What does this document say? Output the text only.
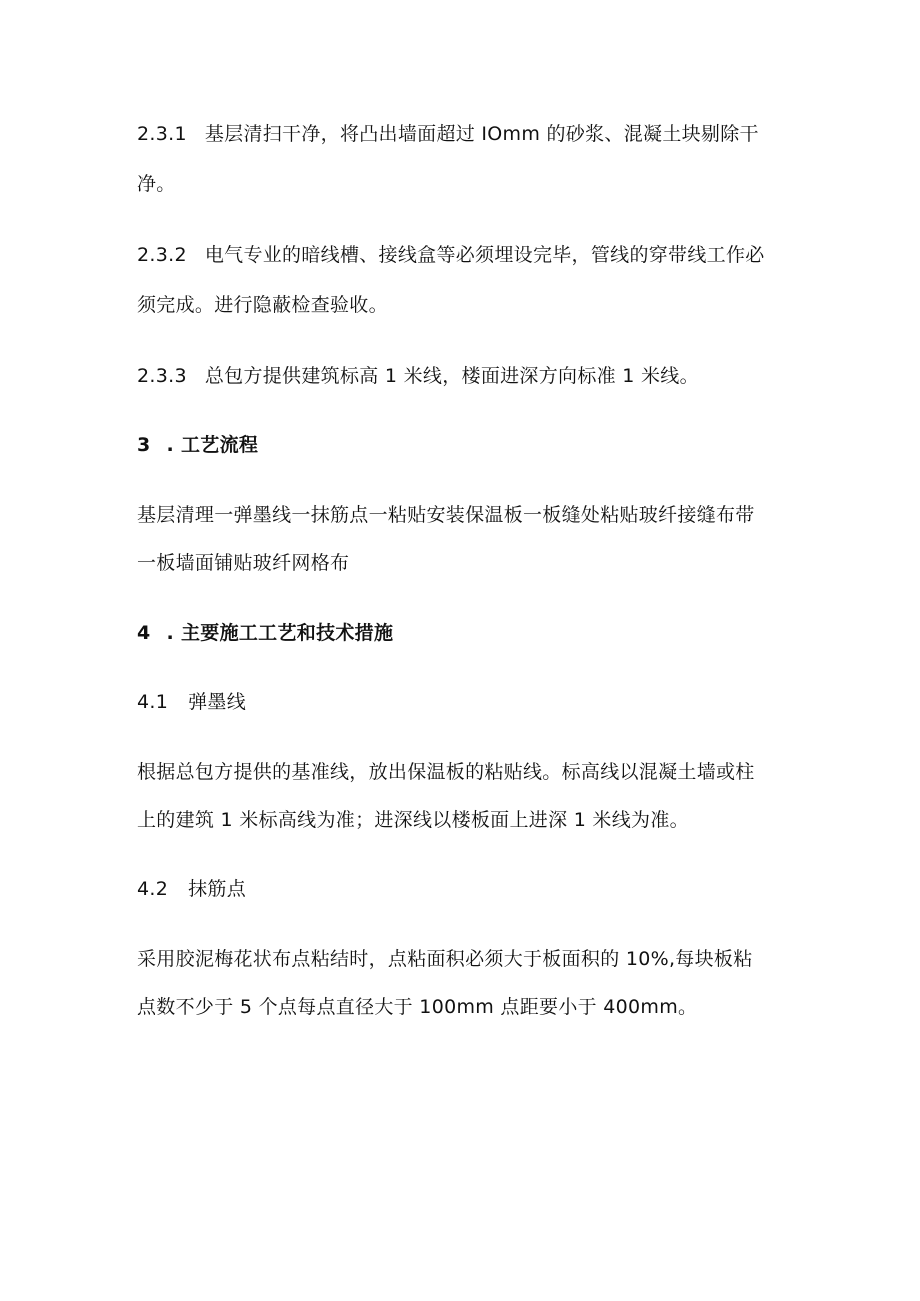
2.3.1 基层清扫干净，将凸出墙面超过 IOmm 的砂浆、混凝土块剔除干
净。
2.3.2 电气专业的暗线槽、接线盒等必须埋设完毕，管线的穿带线工作必
须完成。进行隐蔽检查验收。
2.3.3 总包方提供建筑标高 1 米线，楼面进深方向标准 1 米线。
3 . 工艺流程
基层清理一弹墨线一抹筋点一粘贴安装保温板一板缝处粘贴玻纤接缝布带
一板墙面铺贴玻纤网格布
4 . 主要施工工艺和技术措施
4.1 弹墨线
根据总包方提供的基准线，放出保温板的粘贴线。标高线以混凝土墙或柱
上的建筑 1 米标高线为准；进深线以楼板面上进深 1 米线为准。
4.2 抹筋点
采用胶泥梅花状布点粘结时，点粘面积必须大于板面积的 10%,每块板粘
点数不少于 5 个点每点直径大于 100mm 点距要小于 400mm。
